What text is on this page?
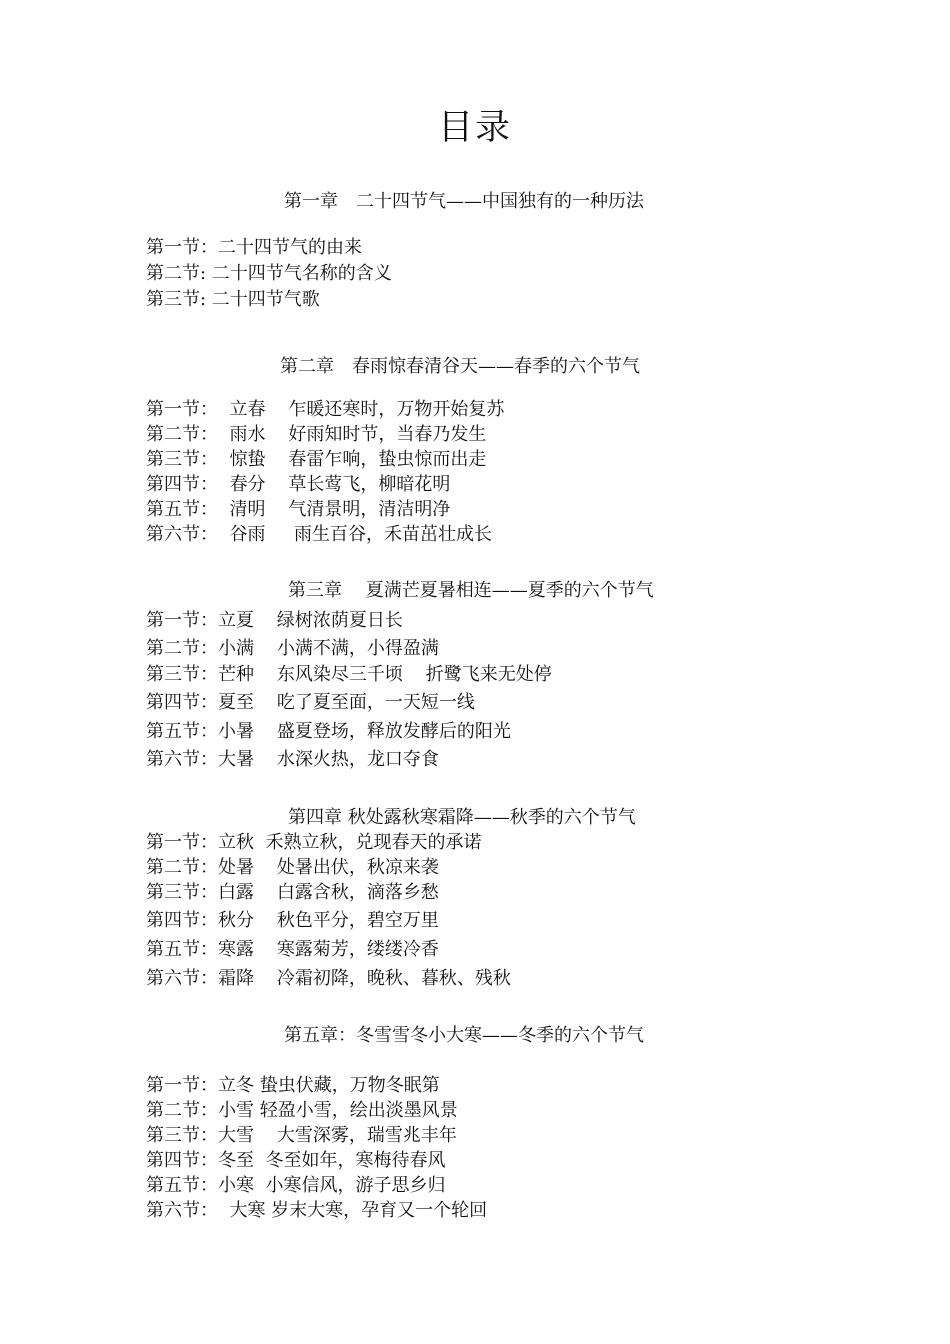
目录
第一章　二十四节气——中国独有的一种历法
第一节：二十四节气的由来
第二节: 二十四节气名称的含义
第三节: 二十四节气歌
第二章　春雨惊春清谷天——春季的六个节气
第一节：  立春    乍暖还寒时，万物开始复苏
第二节：  雨水    好雨知时节，当春乃发生
第三节：  惊蛰    春雷乍响，蛰虫惊而出走
第四节：  春分    草长莺飞，柳暗花明
第五节：  清明    气清景明，清洁明净
第六节：  谷雨     雨生百谷，禾苗茁壮成长
第三章　 夏满芒夏暑相连——夏季的六个节气
第一节：立夏    绿树浓荫夏日长
第二节：小满    小满不满，小得盈满
第三节：芒种    东风染尽三千顷    折鹭飞来无处停
第四节：夏至    吃了夏至面，一天短一线
第五节：小暑    盛夏登场，释放发酵后的阳光
第六节：大暑    水深火热，龙口夺食
第四章 秋处露秋寒霜降——秋季的六个节气
第一节：立秋  禾熟立秋，兑现春天的承诺
第二节：处暑    处暑出伏，秋凉来袭
第三节：白露    白露含秋，滴落乡愁
第四节：秋分    秋色平分，碧空万里
第五节：寒露    寒露菊芳，缕缕冷香
第六节：霜降    冷霜初降，晚秋、暮秋、残秋
第五章：冬雪雪冬小大寒——冬季的六个节气
第一节：立冬 蛰虫伏藏，万物冬眠第
第二节：小雪 轻盈小雪，绘出淡墨风景
第三节：大雪    大雪深雾，瑞雪兆丰年
第四节：冬至  冬至如年，寒梅待春风
第五节：小寒  小寒信风，游子思乡归
第六节：  大寒 岁末大寒，孕育又一个轮回
